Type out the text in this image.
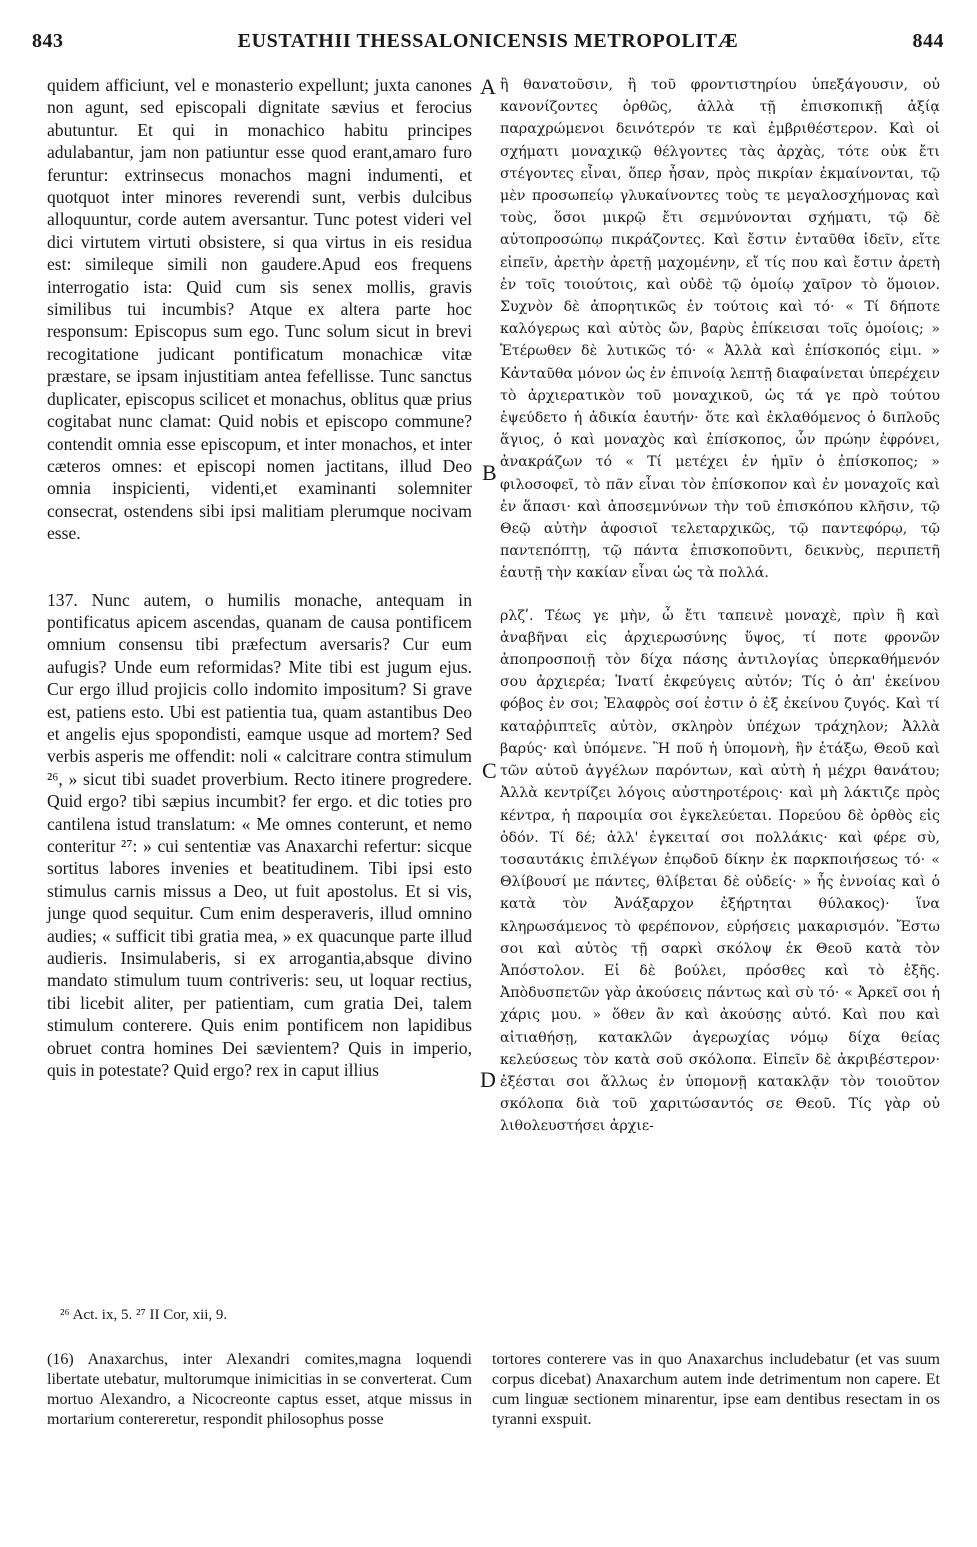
843	EUSTATHII THESSALONICENSIS METROPOLITÆ	844

quidem afficiunt, vel e monasterio expellunt; juxta canones non agunt, sed episcopali dignitate sævius et ferocius abutuntur. Et qui in monachico habitu principes adulabantur, jam non patiuntur esse quod erant,amaro furo feruntur: extrinsecus monachos magni indumenti, et quotquot inter minores reverendi sunt, verbis dulcibus alloquuntur, corde autem aversantur. Tunc potest videri vel dici virtutem virtuti obsistere, si qua virtus in eis residua est: simileque simili non gaudere.Apud eos frequens interrogatio ista: Quid cum sis senex mollis, gravis similibus tui incumbis? Atque ex altera parte hoc responsum: Episcopus sum ego. Tunc solum sicut in brevi recogitatione judicant pontificatum monachicæ vitæ præstare, se ipsam injustitiam antea fefellisse. Tunc sanctus duplicater, episcopus scilicet et monachus, oblitus quæ prius cogitabat nunc clamat: Quid nobis et episcopo commune? contendit omnia esse episcopum, et inter monachos, et inter cæteros omnes: et episcopi nomen jactitans, illud Deo omnia inspicienti, videnti,et examinanti solemniter consecrat, ostendens sibi ipsi malitiam plerumque nocivam esse.

137. Nunc autem, o humilis monache, antequam in pontificatus apicem ascendas, quanam de causa pontificem omnium consensu tibi præfectum aversaris? Cur eum aufugis? Unde eum reformidas? Mite tibi est jugum ejus. Cur ergo illud projicis collo indomito impositum? Si grave est, patiens esto. Ubi est patientia tua, quam astantibus Deo et angelis ejus spopondisti, eamque usque ad mortem? Sed verbis asperis me offendit: noli « calcitrare contra stimulum ²⁶, » sicut tibi suadet proverbium. Recto itinere progredere. Quid ergo? tibi sæpius incumbit? fer ergo. et dic toties pro cantilena istud translatum: « Me omnes conterunt, et nemo conteritur ²⁷: » cui sententiæ vas Anaxarchi refertur: sicque sortitus labores invenies et beatitudinem. Tibi ipsi esto stimulus carnis missus a Deo, ut fuit apostolus. Et si vis, junge quod sequitur. Cum enim desperaveris, illud omnino audies; « sufficit tibi gratia mea, » ex quacunque parte illud audieris. Insimulaberis, si ex arrogantia,absque divino mandato stimulum tuum contriveris: seu, ut loquar rectius, tibi licebit aliter, per patientiam, cum gratia Dei, talem stimulum conterere. Quis enim pontificem non lapidibus obruet contra homines Dei sævientem? Quis in imperio, quis in potestate? Quid ergo? rex in caput illius

A
B
C
D

ἢ θανατοῦσιν, ἢ τοῦ φροντιστηρίου ὑπεξάγουσιν, οὐ κανονίζοντες ὀρθῶς, ἀλλὰ τῇ ἐπισκοπικῇ ἀξίᾳ παραχρώμενοι δεινότερόν τε καὶ ἐμβριθέστερον. Καὶ οἱ σχήματι μοναχικῷ θέλγοντες τὰς ἀρχὰς, τότε οὐκ ἔτι στέγοντες εἶναι, ὅπερ ἦσαν, πρὸς πικρίαν ἐκμαίνονται, τῷ μὲν προσωπείῳ γλυκαίνοντες τοὺς τε μεγαλοσχήμονας καὶ τοὺς, ὅσοι μικρῷ ἔτι σεμνύνονται σχήματι, τῷ δὲ αὐτοπροσώπῳ πικράζοντες. Καὶ ἔστιν ἐνταῦθα ἰδεῖν, εἴτε εἰπεῖν, ἀρετὴν ἀρετῇ μαχομένην, εἴ τίς που καὶ ἔστιν ἀρετὴ ἐν τοῖς τοιούτοις, καὶ οὐδὲ τῷ ὁμοίῳ χαῖρον τὸ ὅμοιον. Συχνὸν δὲ ἀπορητικῶς ἐν τούτοις καὶ τό· « Τί δήποτε καλόγερως καὶ αὐτὸς ὤν, βαρὺς ἐπίκεισαι τοῖς ὁμοίοις; » Ἑτέρωθεν δὲ λυτικῶς τό· « Ἀλλὰ καὶ ἐπίσκοπός εἰμι. » Κἀνταῦθα μόνον ὡς ἐν ἐπινοίᾳ λεπτῇ διαφαίνεται ὑπερέχειν τὸ ἀρχιερατικὸν τοῦ μοναχικοῦ, ὡς τά γε πρὸ τούτου ἐψεύδετο ἡ ἀδικία ἑαυτήν· ὅτε καὶ ἐκλαθόμενος ὁ διπλοῦς ἅγιος, ὁ καὶ μοναχὸς καὶ ἐπίσκοπος, ὧν πρώην ἐφρόνει, ἀνακράζων τό « Τί μετέχει ἐν ἡμῖν ὁ ἐπίσκοπος; » φιλοσοφεῖ, τὸ πᾶν εἶναι τὸν ἐπίσκοπον καὶ ἐν μοναχοῖς καὶ ἐν ἅπασι· καὶ ἀποσεμνύνων τὴν τοῦ ἐπισκόπου κλῆσιν, τῷ Θεῷ αὐτὴν ἀφοσιοῖ τελεταρχικῶς, τῷ παντεφόρῳ, τῷ παντεπόπτῃ, τῷ πάντα ἐπισκοποῦντι, δεικνὺς, περιπετῆ ἑαυτῇ τὴν κακίαν εἶναι ὡς τὰ πολλά.

ρλζʹ. Τέως γε μὴν, ὦ ἔτι ταπεινὲ μοναχὲ, πρὶν ἢ καὶ ἀναβῆναι εἰς ἀρχιερωσύνης ὕψος, τί ποτε φρονῶν ἀποπροσποιῇ τὸν δίχα πάσης ἀντιλογίας ὑπερκαθήμενόν σου ἀρχιερέα; Ἱνατί ἐκφεύγεις αὐτόν; Τίς ὁ ἀπ' ἐκείνου φόβος ἐν σοι; Ἐλαφρὸς σοί ἐστιν ὁ ἐξ ἐκείνου ζυγός. Καὶ τί καταῤῥιπτεῖς αὐτὸν, σκληρὸν ὑπέχων τράχηλον; Ἀλλὰ βαρύς· καὶ ὑπόμενε. Ἢ ποῦ ἡ ὑπομονὴ, ἣν ἐτάξω, Θεοῦ καὶ τῶν αὐτοῦ ἀγγέλων παρόντων, καὶ αὐτὴ ἡ μέχρι θανάτου; Ἀλλὰ κεντρίζει λόγοις αὐστηροτέροις· καὶ μὴ λάκτιζε πρὸς κέντρα, ἡ παροιμία σοι ἐγκελεύεται. Πορεύου δὲ ὀρθὸς εἰς ὁδόν. Τί δέ; ἀλλ' ἐγκειταί σοι πολλάκις· καὶ φέρε σὺ, τοσαυτάκις ἐπιλέγων ἐπῳδοῦ δίκην ἐκ παρκποιήσεως τό· « Θλίβουσί με πάντες, θλίβεται δὲ οὐδείς· » ἧς ἐννοίας καὶ ὁ κατὰ τὸν Ἀνάξαρχον ἐξήρτηται θύλακος)· ἵνα κληρωσάμενος τὸ φερέπονον, εὑρήσεις μακαρισμόν. Ἔστω σοι καὶ αὐτὸς τῇ σαρκὶ σκόλοψ ἐκ Θεοῦ κατὰ τὸν Ἀπόστολον. Εἰ δὲ βούλει, πρόσθες καὶ τὸ ἑξῆς. Ἀπὸδυσπετῶν γὰρ ἀκούσεις πάντως καὶ σὺ τό· « Ἀρκεῖ σοι ἡ χάρις μου. » ὅθεν ἂν καὶ ἀκούσῃς αὐτό. Καὶ που καὶ αἰτιαθήσῃ, κατακλῶν ἀγερωχίας νόμῳ δίχα θείας κελεύσεως τὸν κατὰ σοῦ σκόλοπα. Εἰπεῖν δὲ ἀκριβέστερον· ἐξέσται σοι ἄλλως ἐν ὑπομονῇ κατακλᾷν τὸν τοιοῦτον σκόλοπα διὰ τοῦ χαριτώσαντός σε Θεοῦ. Τίς γὰρ οὐ λιθολευστήσει ἀρχιε-

²⁶ Act. ix, 5. ²⁷ II Cor, xii, 9.
(16) Anaxarchus, inter Alexandri comites,magna loquendi libertate utebatur, multorumque inimicitias in se converterat. Cum mortuo Alexandro, a Nicocreonte captus esset, atque missus in mortarium contereretur, respondit philosophus posse
tortores conterere vas in quo Anaxarchus includebatur (et vas suum corpus dicebat) Anaxarchum autem inde detrimentum non capere. Et cum linguæ sectionem minarentur, ipse eam dentibus resectam in os tyranni exspuit.
